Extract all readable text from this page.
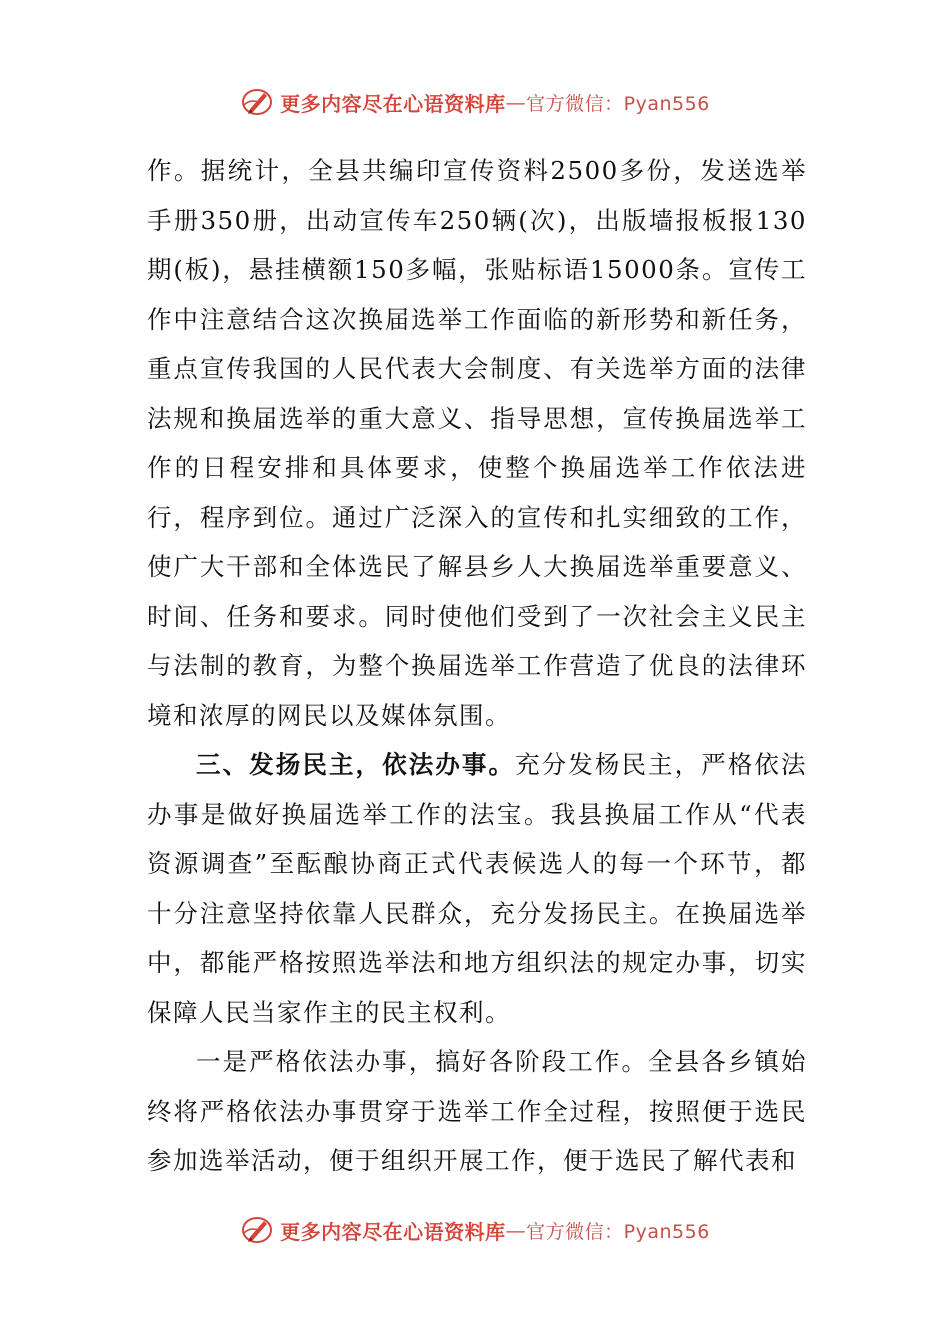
更多内容尽在心语资料库 — 官方微信：Pyan556

作。据统计，全县共编印宣传资料2500多份，发送选举手册350册，出动宣传车250辆(次)，出版墙报板报130期(板)，悬挂横额150多幅，张贴标语15000条。宣传工作中注意结合这次换届选举工作面临的新形势和新任务，重点宣传我国的人民代表大会制度、有关选举方面的法律法规和换届选举的重大意义、指导思想，宣传换届选举工作的日程安排和具体要求，使整个换届选举工作依法进行，程序到位。通过广泛深入的宣传和扎实细致的工作，使广大干部和全体选民了解县乡人大换届选举重要意义、时间、任务和要求。同时使他们受到了一次社会主义民主与法制的教育，为整个换届选举工作营造了优良的法律环境和浓厚的网民以及媒体氛围。

三、发扬民主，依法办事。充分发杨民主，严格依法办事是做好换届选举工作的法宝。我县换届工作从“代表资源调查”至酝酿协商正式代表候选人的每一个环节，都十分注意坚持依靠人民群众，充分发扬民主。在换届选举中，都能严格按照选举法和地方组织法的规定办事，切实保障人民当家作主的民主权利。

一是严格依法办事，搞好各阶段工作。全县各乡镇始终将严格依法办事贯穿于选举工作全过程，按照便于选民参加选举活动，便于组织开展工作，便于选民了解代表和

更多内容尽在心语资料库 — 官方微信：Pyan556
